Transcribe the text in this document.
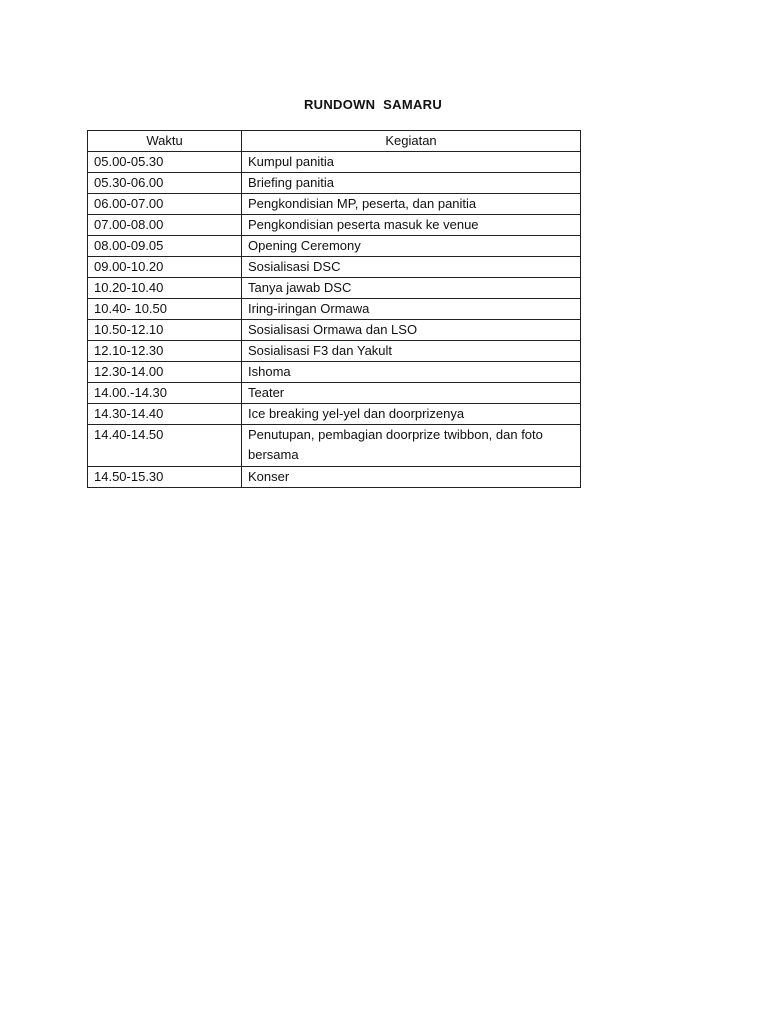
RUNDOWN  SAMARU
Waktu	Kegiatan
05.00-05.30	Kumpul panitia
05.30-06.00	Briefing panitia
06.00-07.00	Pengkondisian MP, peserta, dan panitia
07.00-08.00	Pengkondisian peserta masuk ke venue
08.00-09.05	Opening Ceremony
09.00-10.20	Sosialisasi DSC
10.20-10.40	Tanya jawab DSC
10.40- 10.50	Iring-iringan Ormawa
10.50-12.10	Sosialisasi Ormawa dan LSO
12.10-12.30	Sosialisasi F3 dan Yakult
12.30-14.00	Ishoma
14.00.-14.30	Teater
14.30-14.40	Ice breaking yel-yel dan doorprizenya
14.40-14.50	Penutupan, pembagian doorprize twibbon, dan foto bersama
14.50-15.30	Konser
